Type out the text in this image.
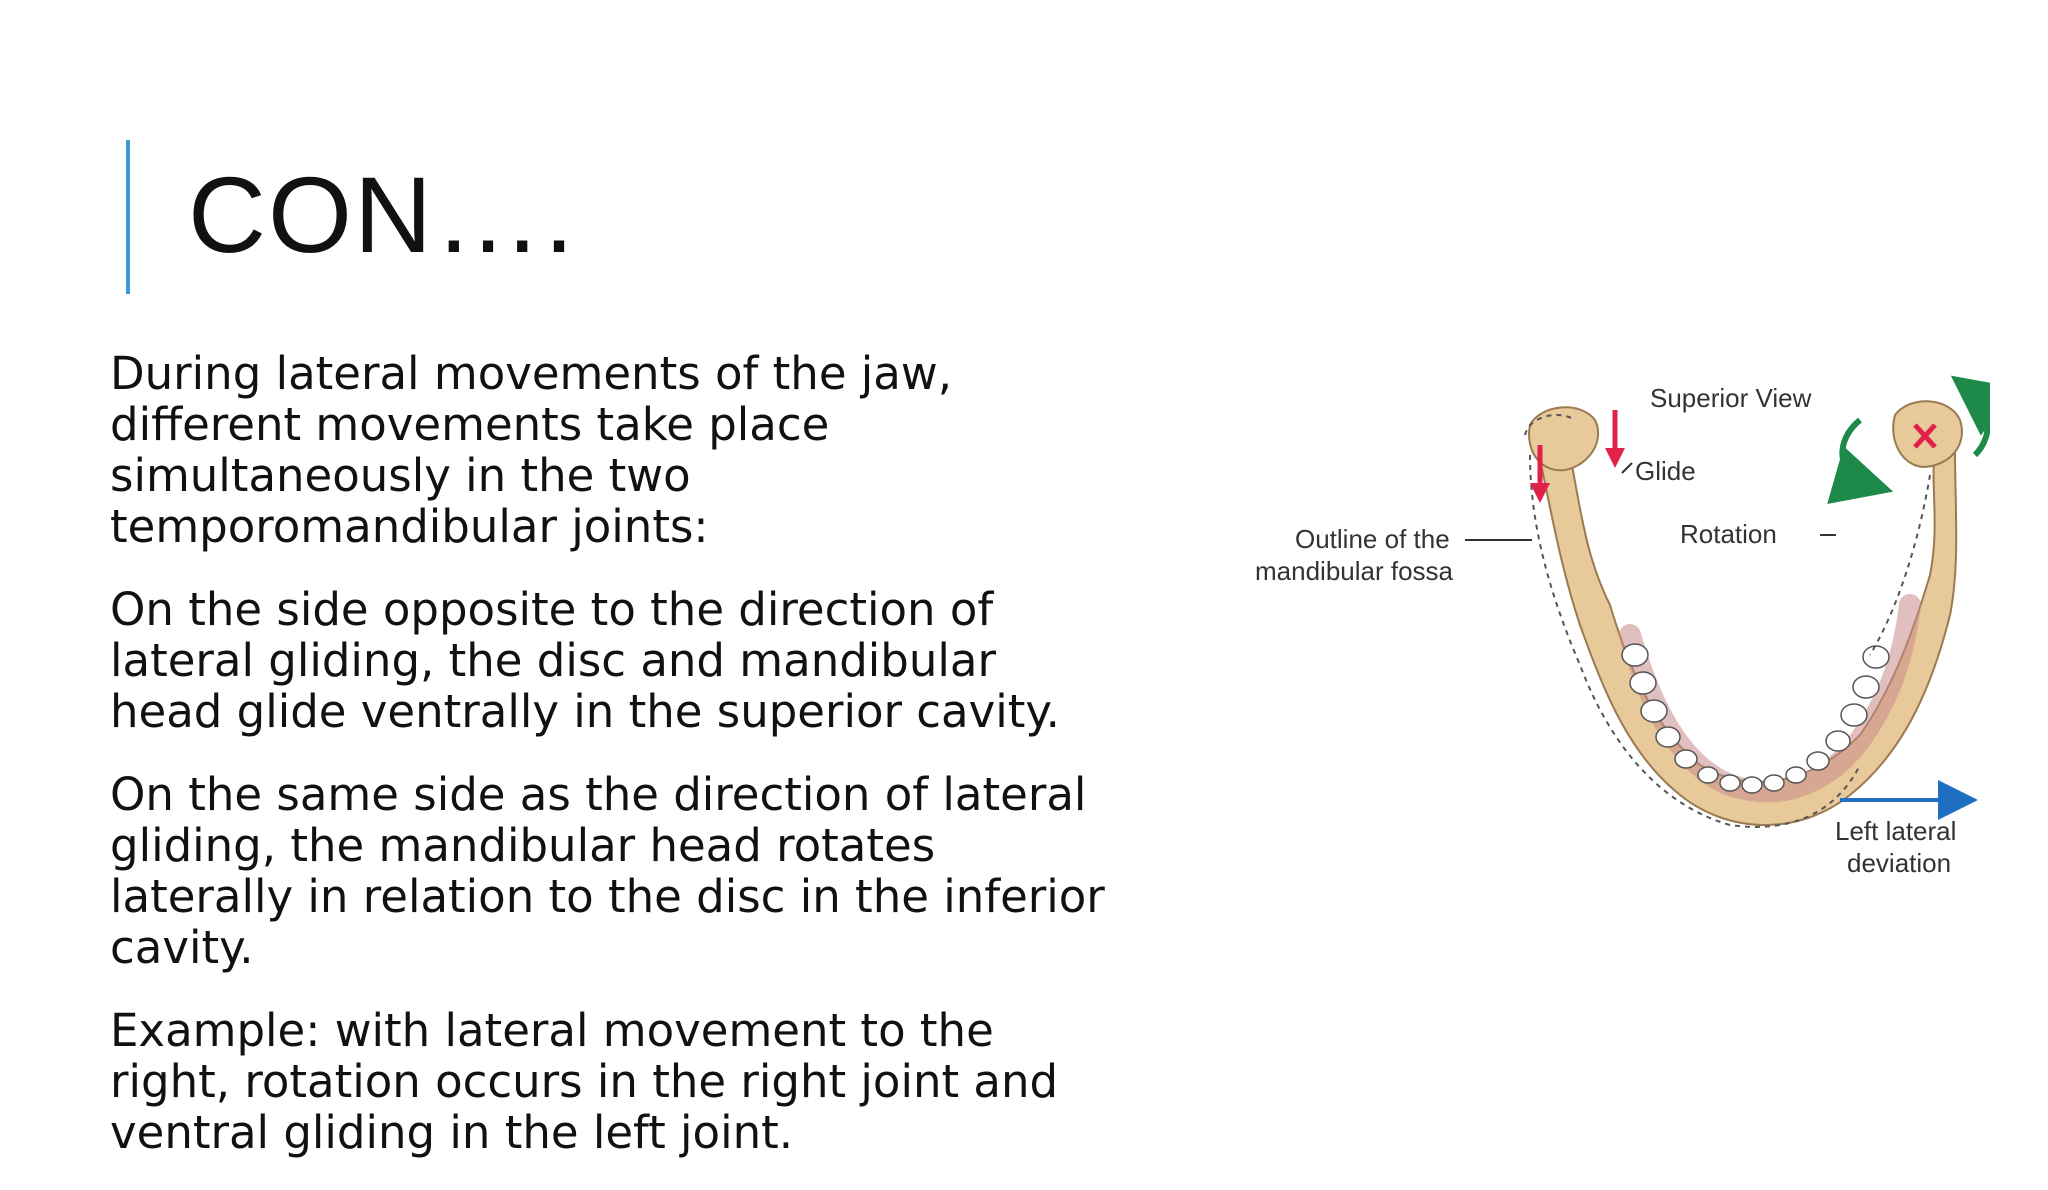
CON….

During lateral movements of the jaw, different movements take place simultaneously in the two temporomandibular joints:

On the side opposite to the direction of lateral gliding, the disc and mandibular head glide ventrally in the superior cavity.

On the same side as the direction of lateral gliding, the mandibular head rotates laterally in relation to the disc in the inferior cavity.

Example: with lateral movement to the right, rotation occurs in the right joint and ventral gliding in the left joint.

Superior View
Glide
Rotation
Outline of the
mandibular fossa
Left lateral
deviation
